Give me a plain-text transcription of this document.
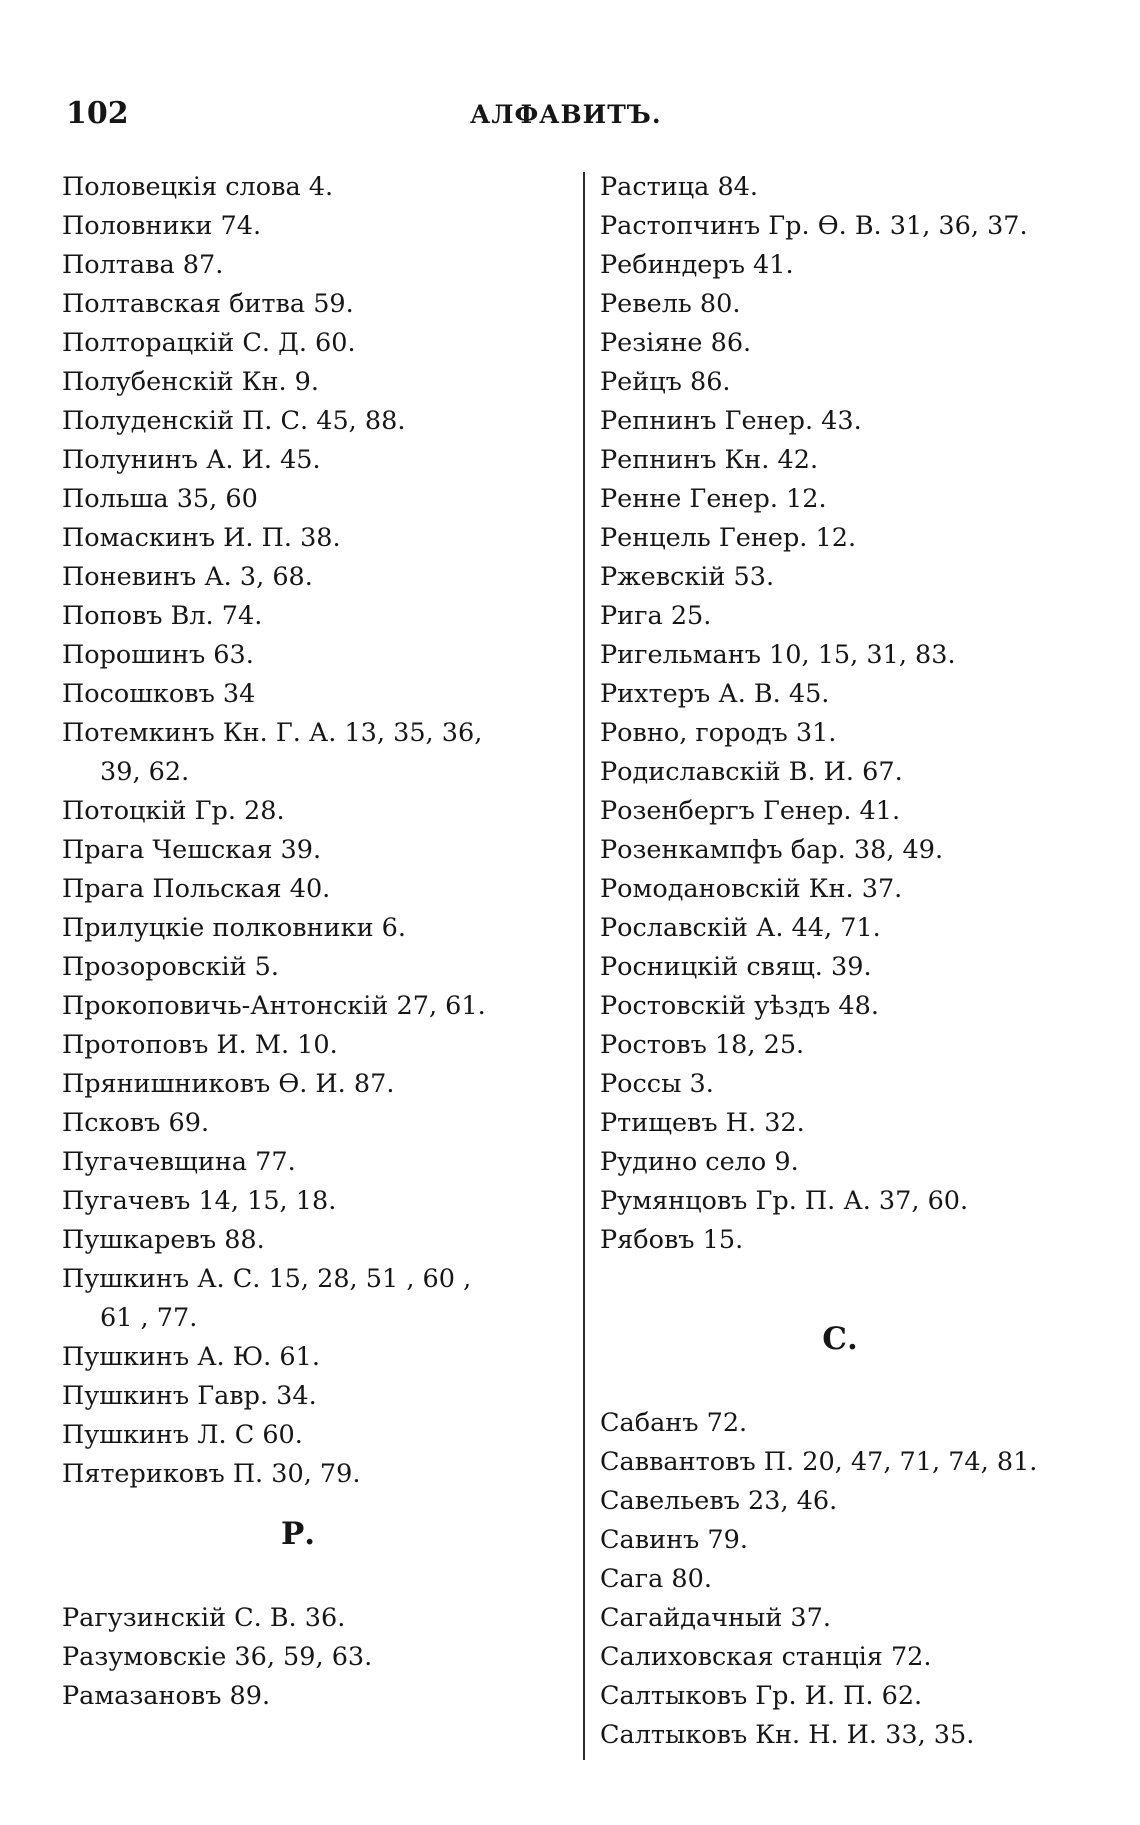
102	АЛФАВИТЪ.
Половецкія слова 4.
Половники 74.
Полтава 87.
Полтавская битва 59.
Полторацкій С. Д. 60.
Полубенскій Кн. 9.
Полуденскій П. С. 45, 88.
Полунинъ А. И. 45.
Польша 35, 60
Помаскинъ И. П. 38.
Поневинъ А. 3, 68.
Поповъ Вл. 74.
Порошинъ 63.
Посошковъ 34
Потемкинъ Кн. Г. А. 13, 35, 36,
39, 62.
Потоцкій Гр. 28.
Прага Чешская 39.
Прага Польская 40.
Прилуцкіе полковники 6.
Прозоровскій 5.
Прокоповичь-Антонскій 27, 61.
Протоповъ И. М. 10.
Прянишниковъ Ѳ. И. 87.
Псковъ 69.
Пугачевщина 77.
Пугачевъ 14, 15, 18.
Пушкаревъ 88.
Пушкинъ А. С. 15, 28, 51 , 60 ,
61 , 77.
Пушкинъ А. Ю. 61.
Пушкинъ Гавр. 34.
Пушкинъ Л. С 60.
Пятериковъ П. 30, 79.
Р.
Рагузинскій С. В. 36.
Разумовскіе 36, 59, 63.
Рамазановъ 89.
Растица 84.
Растопчинъ Гр. Ѳ. В. 31, 36, 37.
Ребиндеръ 41.
Ревель 80.
Резіяне 86.
Рейцъ 86.
Репнинъ Генер. 43.
Репнинъ Кн. 42.
Ренне Генер. 12.
Ренцель Генер. 12.
Ржевскій 53.
Рига 25.
Ригельманъ 10, 15, 31, 83.
Рихтеръ А. В. 45.
Ровно, городъ 31.
Родиславскій В. И. 67.
Розенбергъ Генер. 41.
Розенкампфъ бар. 38, 49.
Ромодановскій Кн. 37.
Рославскій А. 44, 71.
Росницкій свящ. 39.
Ростовскій уѣздъ 48.
Ростовъ 18, 25.
Россы 3.
Ртищевъ Н. 32.
Рудино село 9.
Румянцовъ Гр. П. А. 37, 60.
Рябовъ 15.
С.
Сабанъ 72.
Саввантовъ П. 20, 47, 71, 74, 81.
Савельевъ 23, 46.
Савинъ 79.
Сага 80.
Сагайдачный 37.
Салиховская станція 72.
Салтыковъ Гр. И. П. 62.
Салтыковъ Кн. Н. И. 33, 35.
